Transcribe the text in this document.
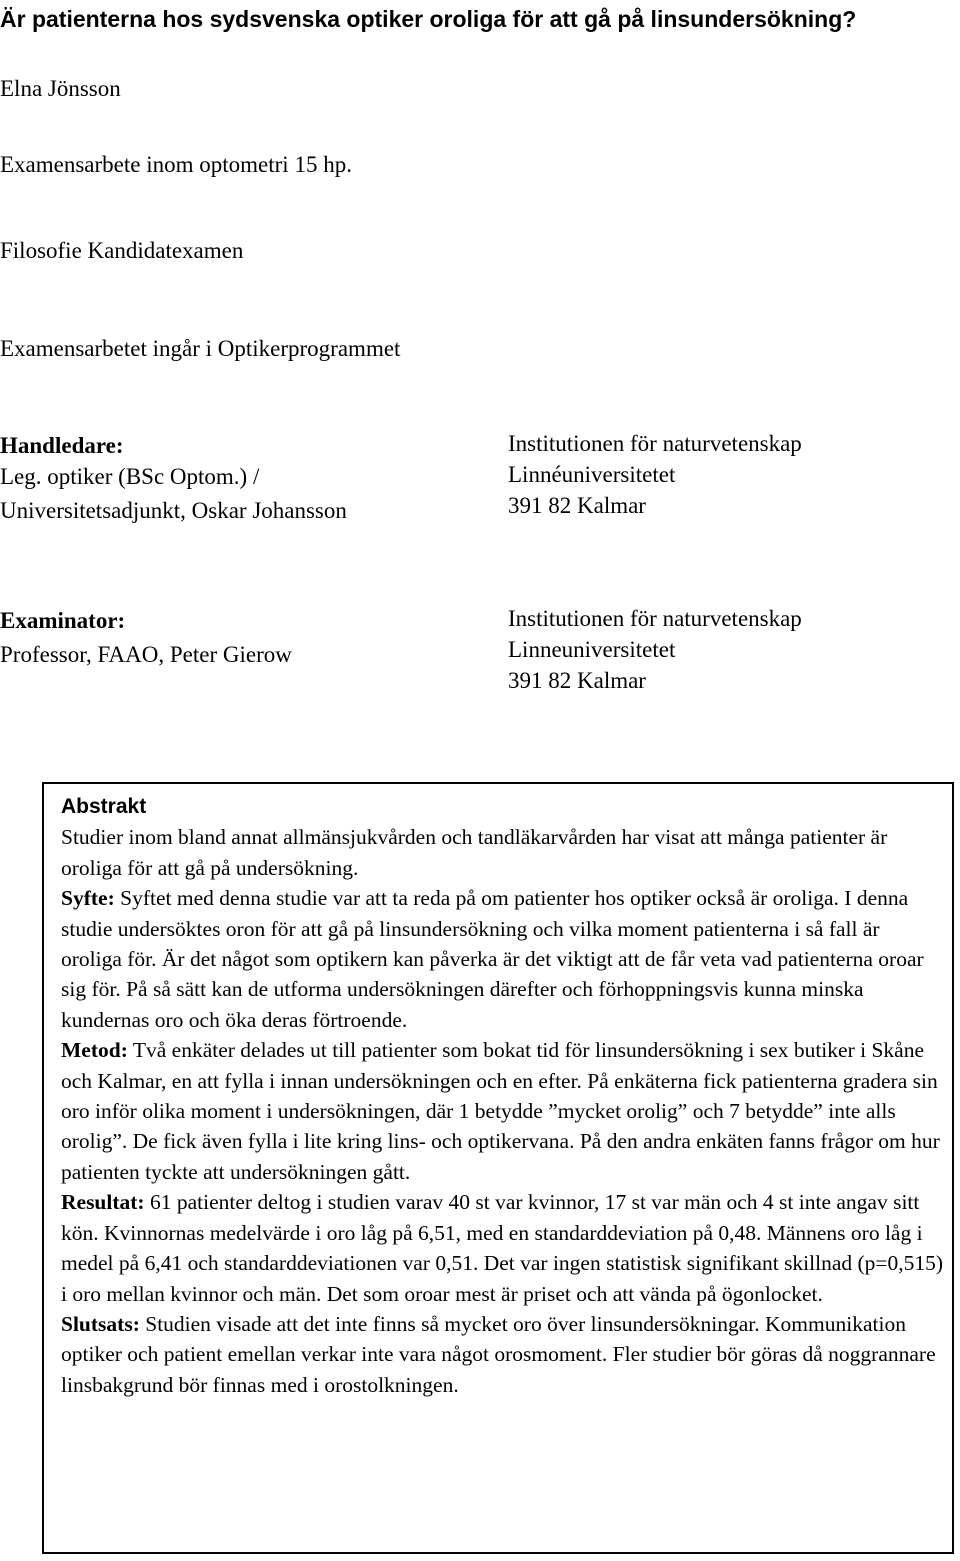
Är patienterna hos sydsvenska optiker oroliga för att gå på linsundersökning?
Elna Jönsson
Examensarbete inom optometri 15 hp.
Filosofie Kandidatexamen
Examensarbetet ingår i Optikerprogrammet
Handledare:
Leg. optiker (BSc Optom.) /
Universitetsadjunkt, Oskar Johansson
Institutionen för naturvetenskap
Linnéuniversitetet
391 82 Kalmar
Examinator:
Professor, FAAO, Peter Gierow
Institutionen för naturvetenskap
Linneuniversitetet
391 82 Kalmar
Abstrakt

Studier inom bland annat allmänsjukvården och tandläkarvården har visat att många patienter är oroliga för att gå på undersökning.

Syfte: Syftet med denna studie var att ta reda på om patienter hos optiker också är oroliga. I denna studie undersöktes oron för att gå på linsundersökning och vilka moment patienterna i så fall är oroliga för. Är det något som optikern kan påverka är det viktigt att de får veta vad patienterna oroar sig för. På så sätt kan de utforma undersökningen därefter och förhoppningsvis kunna minska kundernas oro och öka deras förtroende.

Metod: Två enkäter delades ut till patienter som bokat tid för linsundersökning i sex butiker i Skåne och Kalmar, en att fylla i innan undersökningen och en efter. På enkäterna fick patienterna gradera sin oro inför olika moment i undersökningen, där 1 betydde ”mycket orolig” och 7 betydde” inte alls orolig”. De fick även fylla i lite kring lins- och optikervana. På den andra enkäten fanns frågor om hur patienten tyckte att undersökningen gått.

Resultat: 61 patienter deltog i studien varav 40 st var kvinnor, 17 st var män och 4 st inte angav sitt kön. Kvinnornas medelvärde i oro låg på 6,51, med en standarddeviation på 0,48. Männens oro låg i medel på 6,41 och standarddeviationen var 0,51. Det var ingen statistisk signifikant skillnad (p=0,515) i oro mellan kvinnor och män. Det som oroar mest är priset och att vända på ögonlocket.

Slutsats: Studien visade att det inte finns så mycket oro över linsundersökningar. Kommunikation optiker och patient emellan verkar inte vara något orosmoment. Fler studier bör göras då noggrannare linsbakgrund bör finnas med i orostolkningen.
